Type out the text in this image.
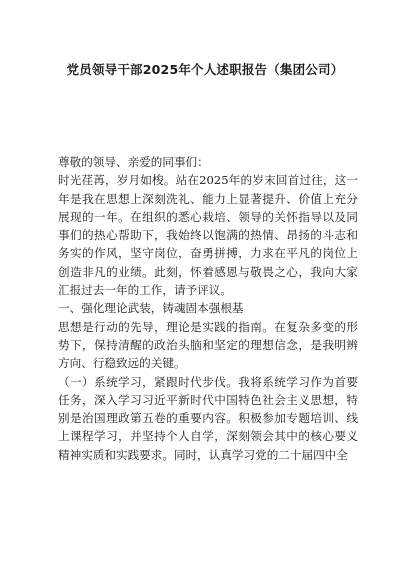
党员领导干部2025年个人述职报告（集团公司）

尊敬的领导、亲爱的同事们：

时光荏苒，岁月如梭。站在2025年的岁末回首过往，这一年是我在思想上深刻洗礼、能力上显著提升、价值上充分展现的一年。在组织的悉心栽培、领导的关怀指导以及同事们的热心帮助下，我始终以饱满的热情、昂扬的斗志和务实的作风，坚守岗位，奋勇拼搏，力求在平凡的岗位上创造非凡的业绩。此刻，怀着感恩与敬畏之心，我向大家汇报过去一年的工作，请予评议。

一、强化理论武装，铸魂固本强根基

思想是行动的先导，理论是实践的指南。在复杂多变的形势下，保持清醒的政治头脑和坚定的理想信念，是我明辨方向、行稳致远的关键。

（一）系统学习，紧跟时代步伐。我将系统学习作为首要任务，深入学习习近平新时代中国特色社会主义思想，特别是治国理政第五卷的重要内容。积极参加专题培训、线上课程学习，并坚持个人自学，深刻领会其中的核心要义精神实质和实践要求。同时，认真学习党的二十届四中全
